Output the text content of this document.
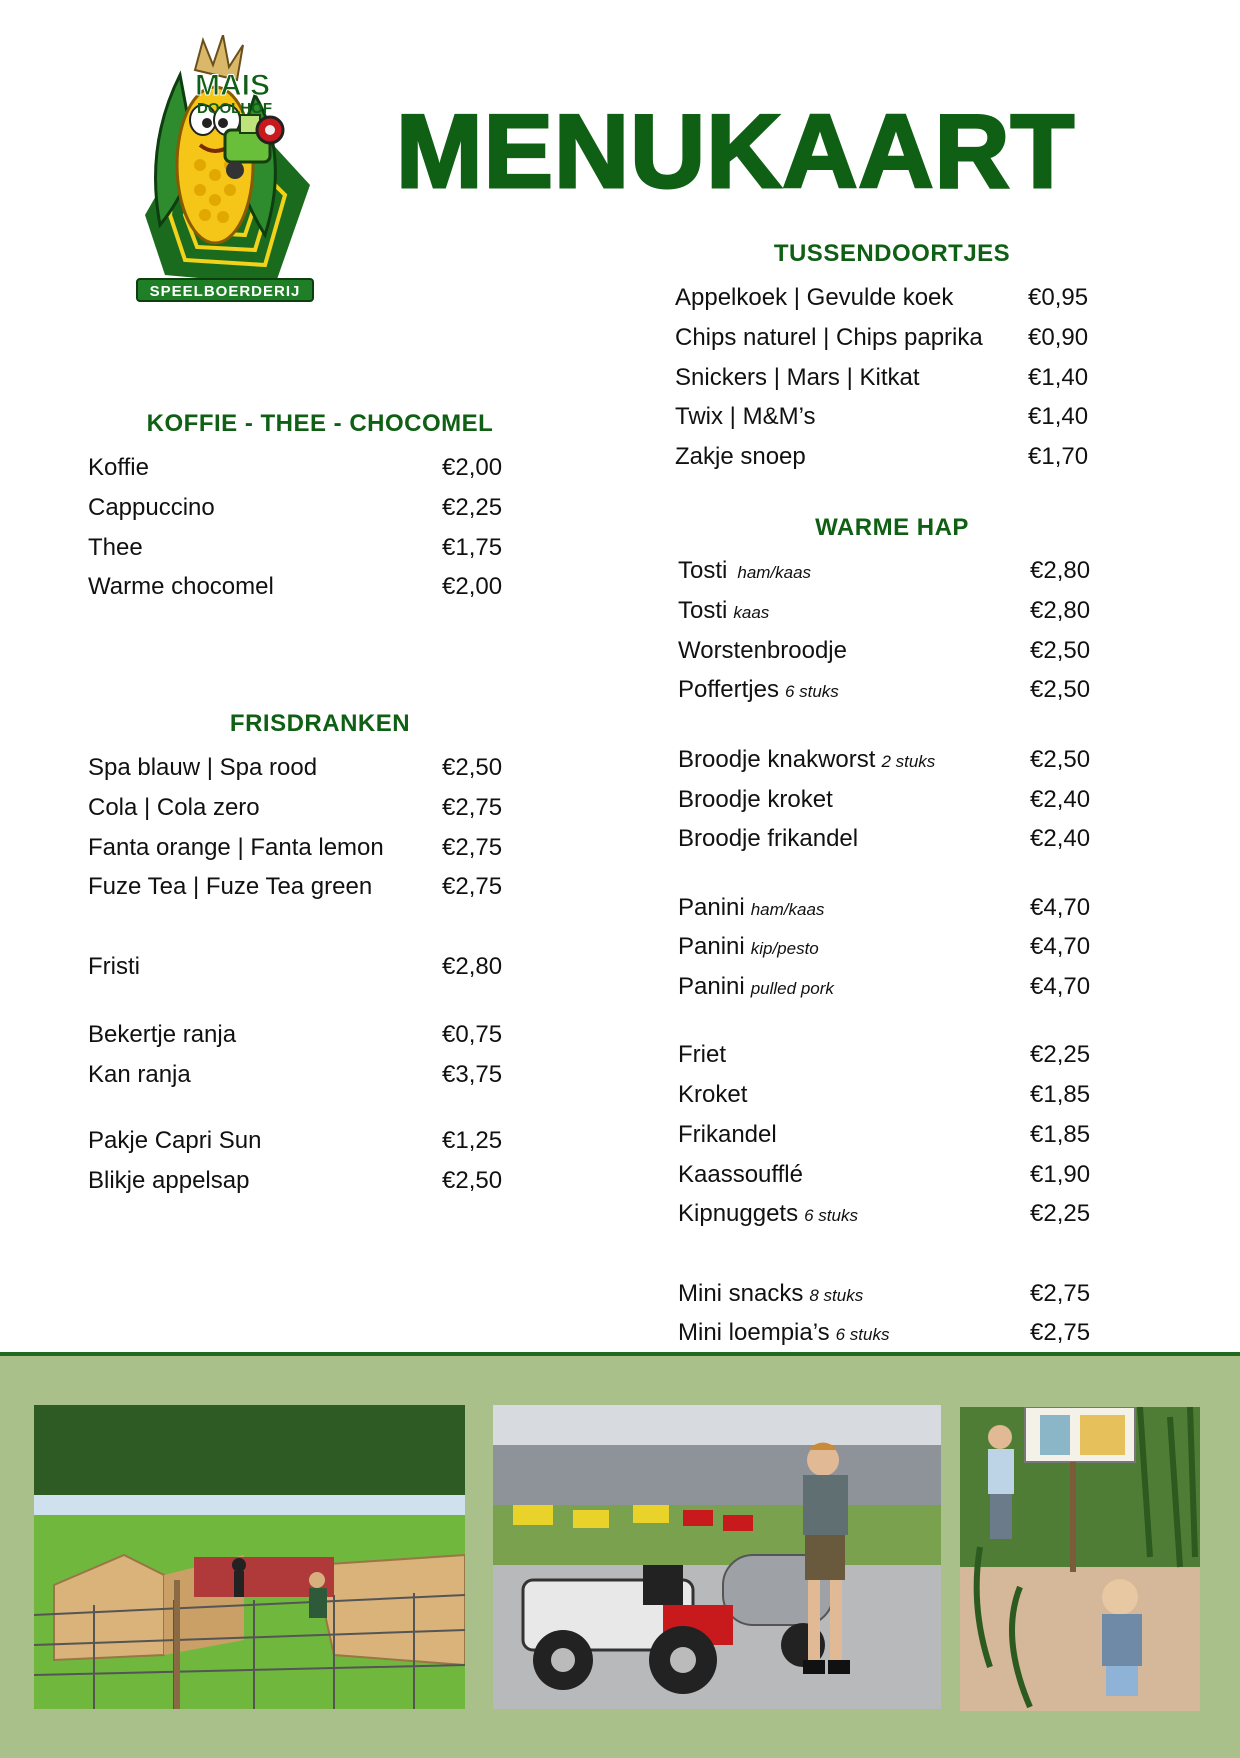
MAIS
DOOLHOF
SPEELBOERDERIJ
MENUKAART
KOFFIE - THEE - CHOCOMEL
FRISDRANKEN
TUSSENDOORTJES
WARME HAP
Koffie	€2,00
Cappuccino	€2,25
Thee	€1,75
Warme chocomel	€2,00
Spa blauw | Spa rood	€2,50
Cola | Cola zero	€2,75
Fanta orange | Fanta lemon €2,75
Fuze Tea | Fuze Tea green	€2,75
Fristi	€2,80
Bekertje ranja	€0,75
Kan ranja	€3,75
Pakje Capri Sun	€1,25
Blikje appelsap	€2,50
Appelkoek | Gevulde koek	€0,95
Chips naturel | Chips paprika €0,90
Snickers | Mars | Kitkat	€1,40
Twix | M&M’s	€1,40
Zakje snoep	€1,70
Tosti ham/kaas	€2,80
Tosti kaas	€2,80
Worstenbroodje	€2,50
Poffertjes 6 stuks	€2,50
Broodje knakworst 2 stuks	€2,50
Broodje kroket	€2,40
Broodje frikandel	€2,40
Panini ham/kaas	€4,70
Panini kip/pesto	€4,70
Panini pulled pork	€4,70
Friet	€2,25
Kroket	€1,85
Frikandel	€1,85
Kaassoufflé	€1,90
Kipnuggets 6 stuks	€2,25
Mini snacks 8 stuks	€2,75
Mini loempia’s 6 stuks	€2,75
